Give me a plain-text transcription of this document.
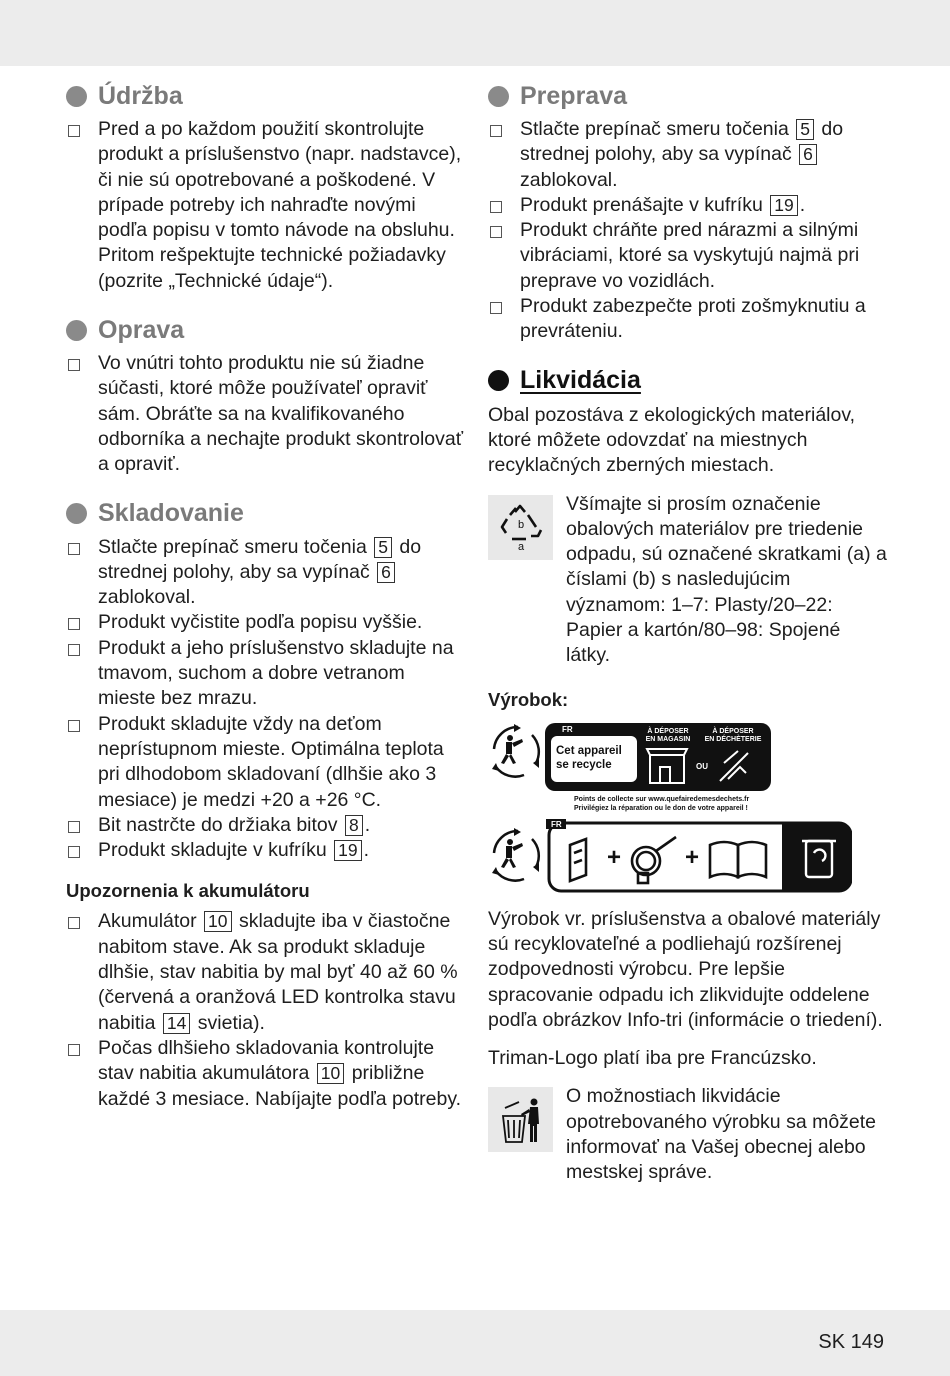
Údržba
Pred a po každom použití skontrolujte produkt a príslušenstvo (napr. nadstavce), či nie sú opotrebované a poškodené. V prípade potreby ich nahraďte novými podľa popisu v tomto návode na obsluhu. Pritom rešpektujte technické požiadavky (pozrite „Technické údaje“).
Oprava
Vo vnútri tohto produktu nie sú žiadne súčasti, ktoré môže používateľ opraviť sám. Obráťte sa na kvalifikovaného odborníka a nechajte produkt skontrolovať a opraviť.
Skladovanie
Stlačte prepínač smeru točenia 5 do strednej polohy, aby sa vypínač 6 zablokoval.
Produkt vyčistite podľa popisu vyššie.
Produkt a jeho príslušenstvo skladujte na tmavom, suchom a dobre vetranom mieste bez mrazu.
Produkt skladujte vždy na deťom neprístupnom mieste. Optimálna teplota pri dlhodobom skladovaní (dlhšie ako 3 mesiace) je medzi +20 a +26 °C.
Bit nastrčte do držiaka bitov 8 .
Produkt skladujte v kufríku 19 .

Upozornenia k akumulátoru

Akumulátor 10 skladujte iba v čiastočne nabitom stave. Ak sa produkt skladuje dlhšie, stav nabitia by mal byť 40 až 60 % (červená a oranžová LED kontrolka stavu nabitia 14 svietia).
Počas dlhšieho skladovania kontrolujte stav nabitia akumulátora 10 približne každé 3 mesiace. Nabíjajte podľa potreby.
Preprava
Stlačte prepínač smeru točenia 5 do strednej polohy, aby sa vypínač 6 zablokoval.
Produkt prenášajte v kufríku 19 .
Produkt chráňte pred nárazmi a silnými vibráciami, ktoré sa vyskytujú najmä pri preprave vo vozidlách.
Produkt zabezpečte proti zošmyknutiu a prevráteniu.
Likvidácia

Obal pozostáva z ekologických materiálov, ktoré môžete odovzdať na miestnych recyklačných zberných miestach.

b
a
Všímajte si prosím označenie obalových materiálov pre triedenie odpadu, sú označené skratkami (a) a číslami (b) s nasledujúcim významom: 1–7: Plasty/20–22: Papier a kartón/80–98: Spojené látky.

Výrobok:

Cet appareil se recycle
FR	À DÉPOSER EN MAGASIN
À DÉPOSER EN DÉCHÈTERIE
OU
Points de collecte sur www.quefairedemesdechets.fr
Privilégiez la réparation ou le don de votre appareil !
FR
+	+

Výrobok vr. príslušenstva a obalové materiály sú recyklovateľné a podliehajú rozšírenej zodpovednosti výrobcu. Pre lepšie spracovanie odpadu ich zlikvidujte oddelene podľa obrázkov Info-tri (informácie o triedení).

Triman-Logo platí iba pre Francúzsko.

O možnostiach likvidácie opotrebovaného výrobku sa môžete informovať na Vašej obecnej alebo mestskej správe.
SK 149
